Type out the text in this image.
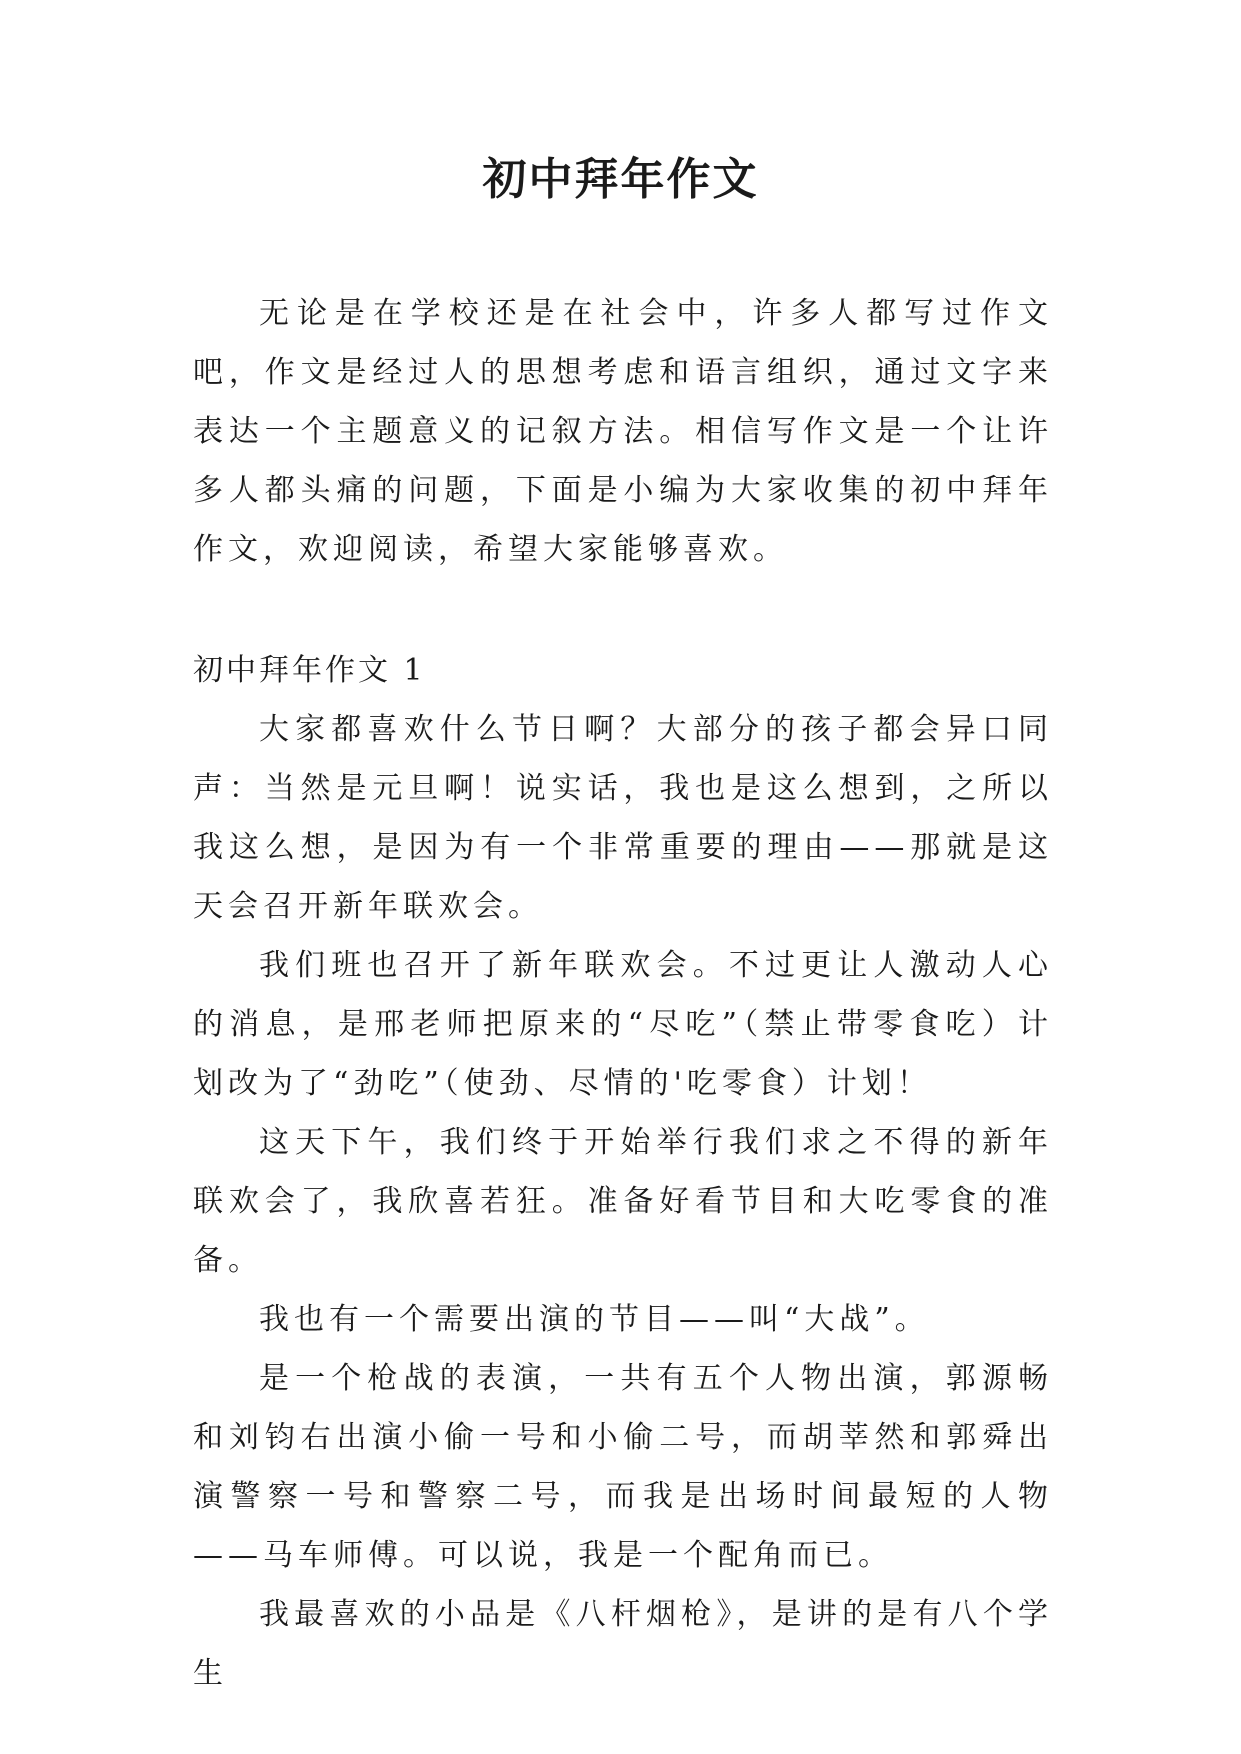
初中拜年作文

无论是在学校还是在社会中，许多人都写过作文吧，作文是经过人的思想考虑和语言组织，通过文字来表达一个主题意义的记叙方法。相信写作文是一个让许多人都头痛的问题，下面是小编为大家收集的初中拜年作文，欢迎阅读，希望大家能够喜欢。

初中拜年作文 1

大家都喜欢什么节日啊？大部分的孩子都会异口同声：当然是元旦啊！说实话，我也是这么想到，之所以我这么想，是因为有一个非常重要的理由——那就是这天会召开新年联欢会。

我们班也召开了新年联欢会。不过更让人激动人心的消息，是邢老师把原来的“尽吃”（禁止带零食吃）计划改为了“劲吃”（使劲、尽情的'吃零食）计划！

这天下午，我们终于开始举行我们求之不得的新年联欢会了，我欣喜若狂。准备好看节目和大吃零食的准备。

我也有一个需要出演的节目——叫“大战”。

是一个枪战的表演，一共有五个人物出演，郭源畅和刘钧右出演小偷一号和小偷二号，而胡莘然和郭舜出演警察一号和警察二号，而我是出场时间最短的人物——马车师傅。可以说，我是一个配角而已。

我最喜欢的小品是《八杆烟枪》，是讲的是有八个学生
